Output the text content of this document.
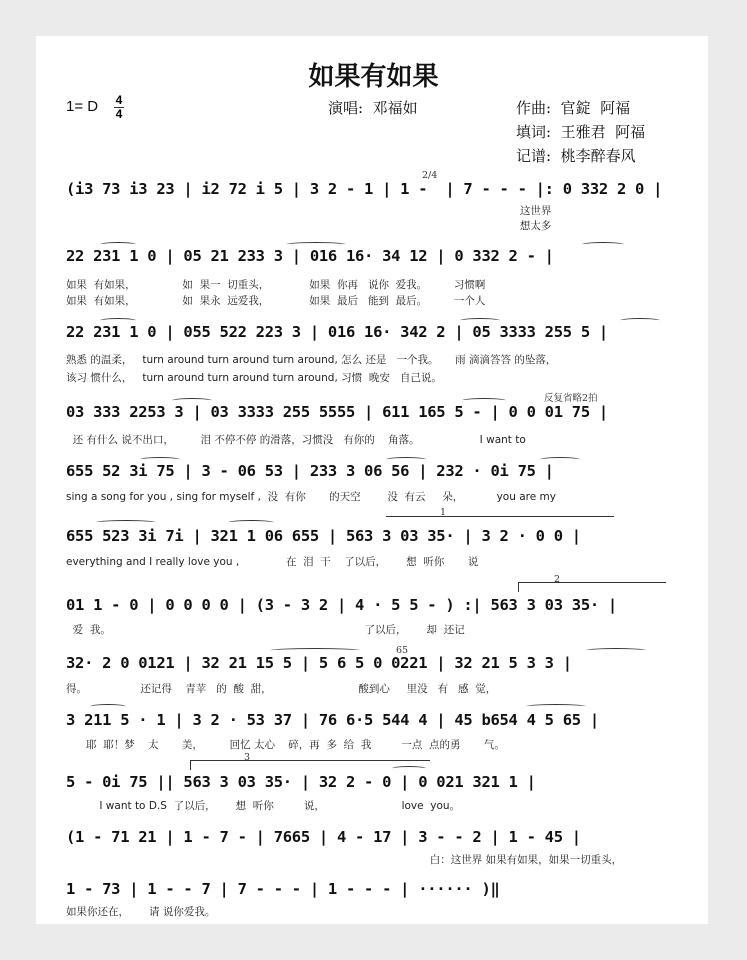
如果有如果
1= D 4
4	演唱:  邓福如	作曲:  官錠  阿福
填词:  王雅君  阿福
记谱:  桃李醉春风
2/4
(i3 73 i3 23 | i2 72 i 5 | 3 2 - 1 | 1 -  | 7 - - - |: 0 332 2 0 |
这世界
想太多
22 231 1 0 | 05 21 233 3 | 016 16· 34 12 | 0 332 2 - |
如果  有如果，              如  果一  切重头，            如果  你再   说你  爱我。        习惯啊
如果  有如果，              如  果永  远爱我，            如果  最后   能到  最后。        一个人
22 231 1 0 | 055 522 223 3 | 016 16· 342 2 | 05 3333 255 5 |
熟悉 的温柔，   turn around turn around turn around, 怎么 还是   一个我。     雨 滴滴答答 的坠落，
该习 惯什么，   turn around turn around turn around, 习惯  晚安   自己说。
反复省略2拍
03 333 2253 3 | 03 3333 255 5555 | 611 165 5 - | 0 0 01 75 |
还 有什么 说不出口，        泪 不停不停 的滑落，习惯没   有你的    角落。                  I want to
655 52 3i 75 | 3 - 06 53 | 233 3 06 56 | 232 · 0i 75 |
sing a song for you , sing for myself ,  没  有你       的天空        没  有云     朵，          you are my
1
655 523 3i 7i | 321 1 06 655 | 563 3 03 35· | 3 2 · 0 0 |
everything and I really love you ,              在  泪  干    了以后，      想  听你       说
2
01 1 - 0 | 0 0 0 0 | (3 - 3 2 | 4 · 5 5 - ) :| 563 3 03 35· |
爱  我。                                                                            了以后，      却  还记
65
32· 2 0 0121 | 32 21 15 5 | 5 6 5 0 0221 | 32 21 5 3 3 |
得。                还记得    青苹   的  酸  甜，                          酸到心     里没   有   感  觉，
3 211 5 · 1 | 3 2 · 53 37 | 76 6·5 544 4 | 45 b654 4 5 65 |
耶  耶！梦    太       美，        回忆 太心    碎，再  多  给  我         一点  点的勇       气。
3
5 - 0i 75 || 563 3 03 35· | 32 2 - 0 | 0 021 321 1 |
I want to D.S  了以后，      想  听你         说，                       love  you。
(1 - 71 21 | 1 - 7 - | 7665 | 4 - 17 | 3 - - 2 | 1 - 45 |
白：这世界 如果有如果，如果一切重头，
1 - 73 | 1 - - 7 | 7 - - - | 1 - - - | ······ )‖
如果你还在，      请 说你爱我。
